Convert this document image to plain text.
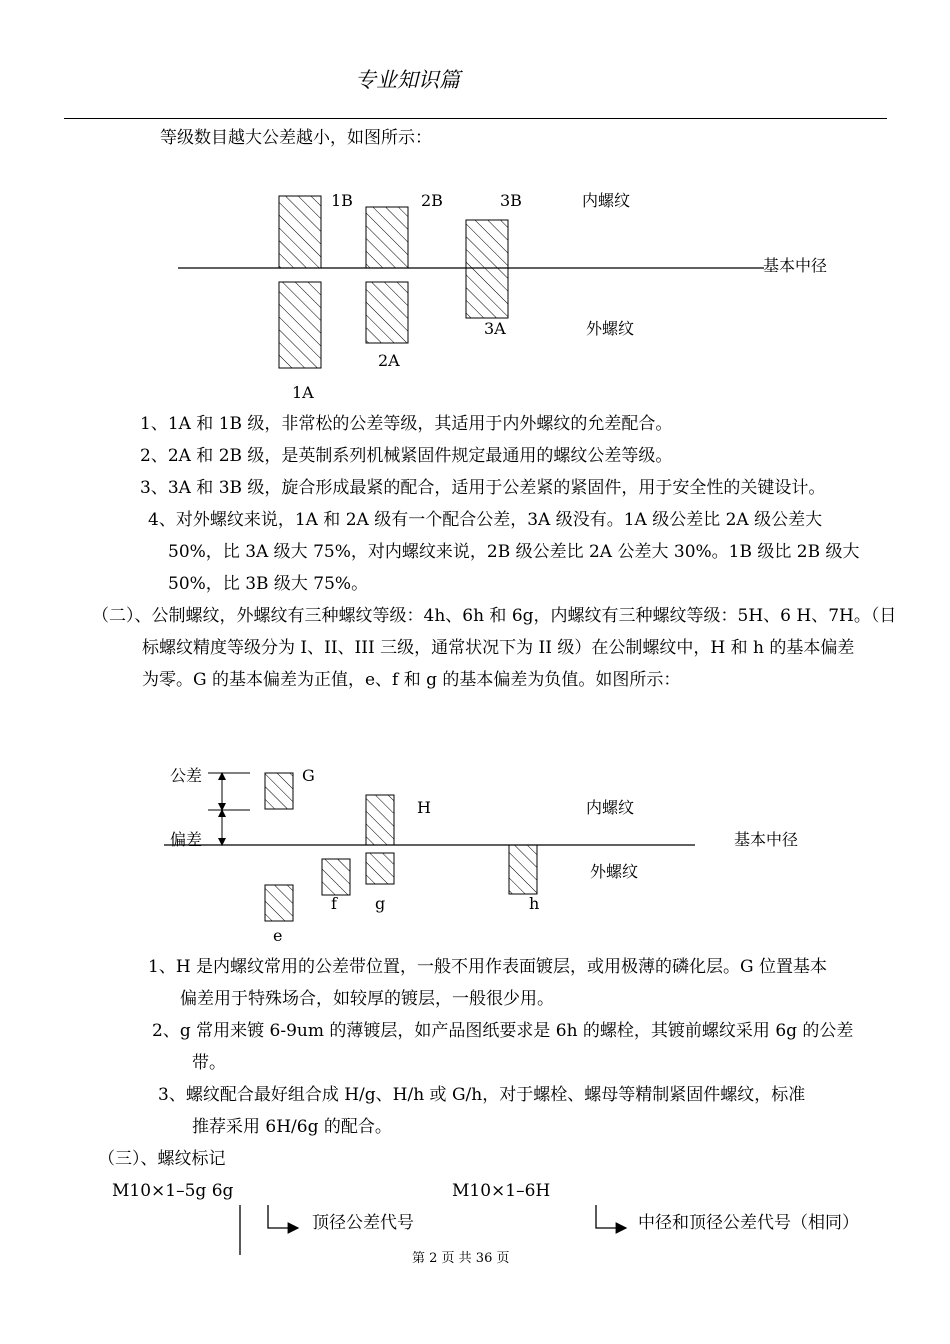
专业知识篇
等级数目越大公差越小，如图所示：
1B	2B	3B	内螺纹
基本中径
3A	外螺纹
2A
1A
1、1A 和 1B 级，非常松的公差等级，其适用于内外螺纹的允差配合。
2、2A 和 2B 级，是英制系列机械紧固件规定最通用的螺纹公差等级。
3、3A 和 3B 级，旋合形成最紧的配合，适用于公差紧的紧固件，用于安全性的关键设计。
4、对外螺纹来说，1A 和 2A 级有一个配合公差，3A 级没有。1A 级公差比 2A 级公差大
50%，比 3A 级大 75%，对内螺纹来说，2B 级公差比 2A 公差大 30%。1B 级比 2B 级大
50%，比 3B 级大 75%。
（二）、公制螺纹，外螺纹有三种螺纹等级：4h、6h 和 6g，内螺纹有三种螺纹等级：5H、6 H、7H。（日
标螺纹精度等级分为 I、II、III 三级，通常状况下为 II 级）在公制螺纹中，H 和 h 的基本偏差
为零。G 的基本偏差为正值，e、f 和 g 的基本偏差为负值。如图所示：
公差
偏差
G
H	内螺纹
基本中径
外螺纹
f g	h
e
1、H 是内螺纹常用的公差带位置，一般不用作表面镀层，或用极薄的磷化层。G 位置基本
偏差用于特殊场合，如较厚的镀层，一般很少用。
2、g 常用来镀 6-9um 的薄镀层，如产品图纸要求是 6h 的螺栓，其镀前螺纹采用 6g 的公差
带。
3、螺纹配合最好组合成 H/g、H/h 或 G/h，对于螺栓、螺母等精制紧固件螺纹，标准
推荐采用 6H/6g 的配合。
（三）、螺纹标记
M10×1–5g 6g	M10×1–6H
顶径公差代号	中径和顶径公差代号（相同）
第 2 页 共 36 页
